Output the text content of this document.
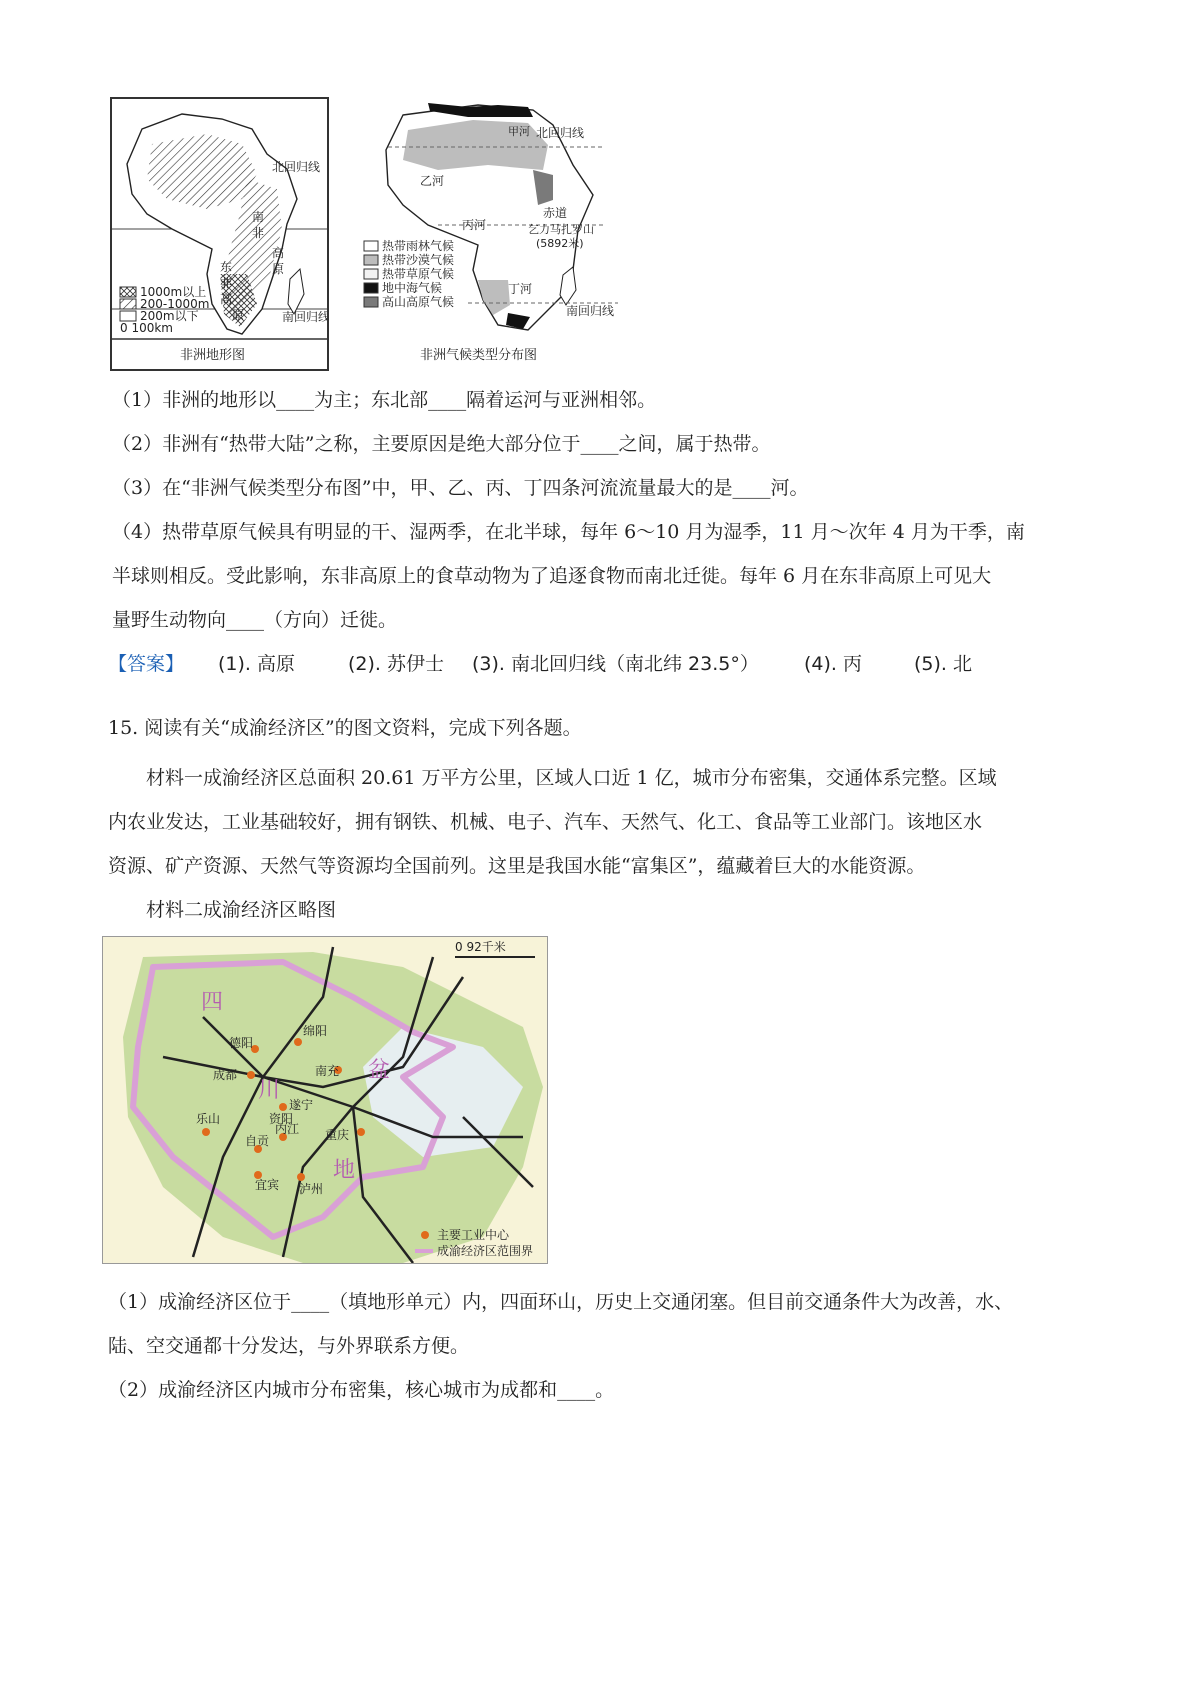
北回归线
南回归线
南
非
高
原
东
非
高
原
1000m以上
200-1000m
200m以下
0 100km
非洲地形图
北回归线
甲河
乙河
丙河
赤道
乞力马扎罗山
(5892米)
丁河
南回归线
热带雨林气候
热带沙漠气候
热带草原气候
地中海气候
高山高原气候
非洲气候类型分布图
（1）非洲的地形以____为主；东北部____隔着运河与亚洲相邻。
（2）非洲有“热带大陆”之称，主要原因是绝大部分位于____之间，属于热带。
（3）在“非洲气候类型分布图”中，甲、乙、丙、丁四条河流流量最大的是____河。
（4）热带草原气候具有明显的干、湿两季，在北半球，每年 6～10 月为湿季，11 月～次年 4 月为干季，南
半球则相反。受此影响，东非高原上的食草动物为了追逐食物而南北迁徙。每年 6 月在东非高原上可见大
量野生动物向____（方向）迁徙。
【答案】 (1). 高原	(2). 苏伊士 (3). 南北回归线（南北纬 23.5°） (4). 丙	(5). 北
15. 阅读有关“成渝经济区”的图文资料，完成下列各题。
材料一成渝经济区总面积 20.61 万平方公里，区域人口近 1 亿，城市分布密集，交通体系完整。区域
内农业发达，工业基础较好，拥有钢铁、机械、电子、汽车、天然气、化工、食品等工业部门。该地区水
资源、矿产资源、天然气等资源均全国前列。这里是我国水能“富集区”，蕴藏着巨大的水能资源。
材料二成渝经济区略图
四
川
盆
地
绵阳
德阳
成都	南充
遂宁
资阳
乐山
内江
自贡	重庆
宜宾 泸州
0 92千米
主要工业中心
成渝经济区范围界
（1）成渝经济区位于____（填地形单元）内，四面环山，历史上交通闭塞。但目前交通条件大为改善，水、
陆、空交通都十分发达，与外界联系方便。
（2）成渝经济区内城市分布密集，核心城市为成都和____。
